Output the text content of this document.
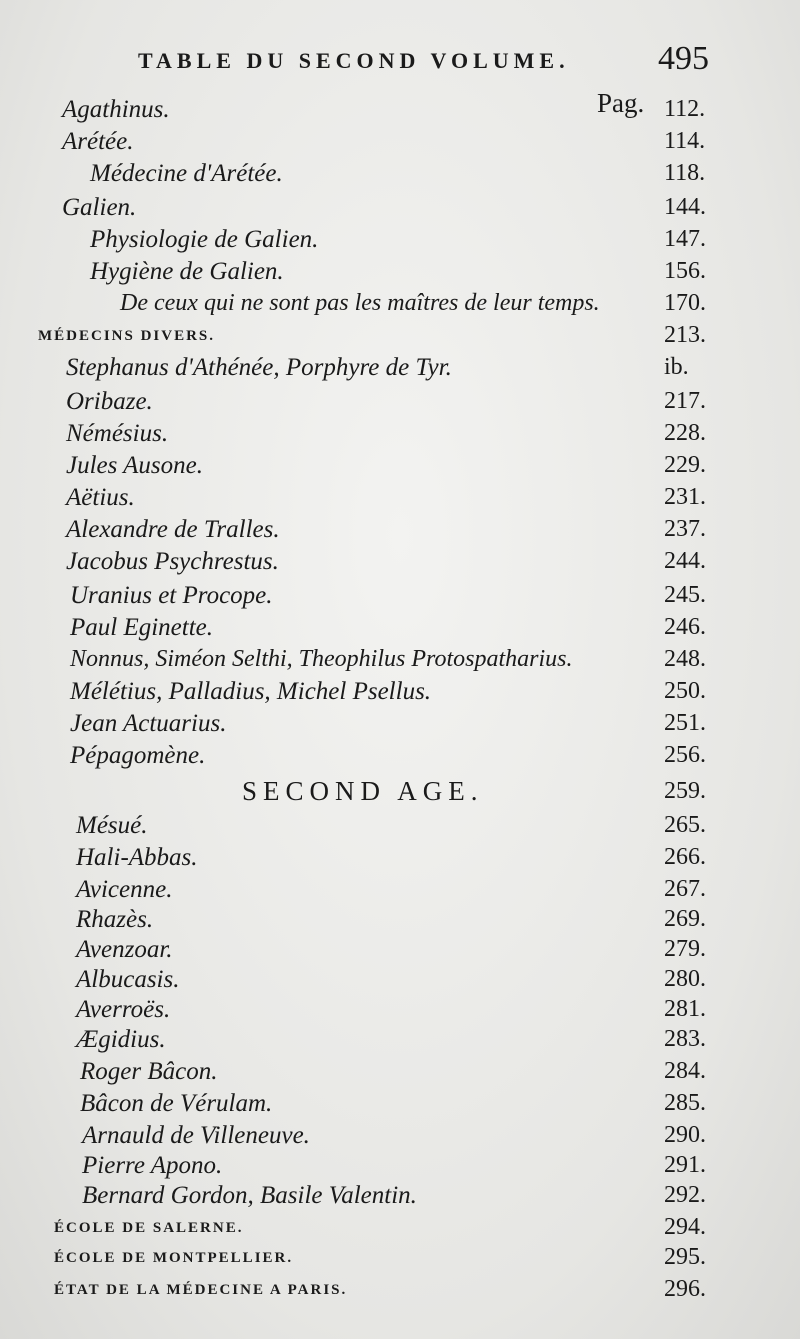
TABLE DU SECOND VOLUME.	495
Pag.
Agathinus.	112.
Arétée.	114.
Médecine d'Arétée.	118.
Galien.	144.
Physiologie de Galien.	147.
Hygiène de Galien.	156.
De ceux qui ne sont pas les maîtres de leur temps.	170.
MÉDECINS DIVERS.	213.
Stephanus d'Athénée, Porphyre de Tyr.	ib.
Oribaze.	217.
Némésius.	228.
Jules Ausone.	229.
Aëtius.	231.
Alexandre de Tralles.	237.
Jacobus Psychrestus.	244.
Uranius et Procope.	245.
Paul Eginette.	246.
Nonnus, Siméon Selthi, Theophilus Protospatharius.	248.
Mélétius, Palladius, Michel Psellus.	250.
Jean Actuarius.	251.
Pépagomène.	256.
SECOND AGE.	259.
Mésué.	265.
Hali-Abbas.	266.
Avicenne.	267.
Rhazès.	269.
Avenzoar.	279.
Albucasis.	280.
Averroës.	281.
Ægidius.	283.
Roger Bâcon.	284.
Bâcon de Vérulam.	285.
Arnauld de Villeneuve.	290.
Pierre Apono.	291.
Bernard Gordon, Basile Valentin.	292.
ÉCOLE DE SALERNE.	294.
ÉCOLE DE MONTPELLIER.	295.
ÉTAT DE LA MÉDECINE A PARIS.	296.
